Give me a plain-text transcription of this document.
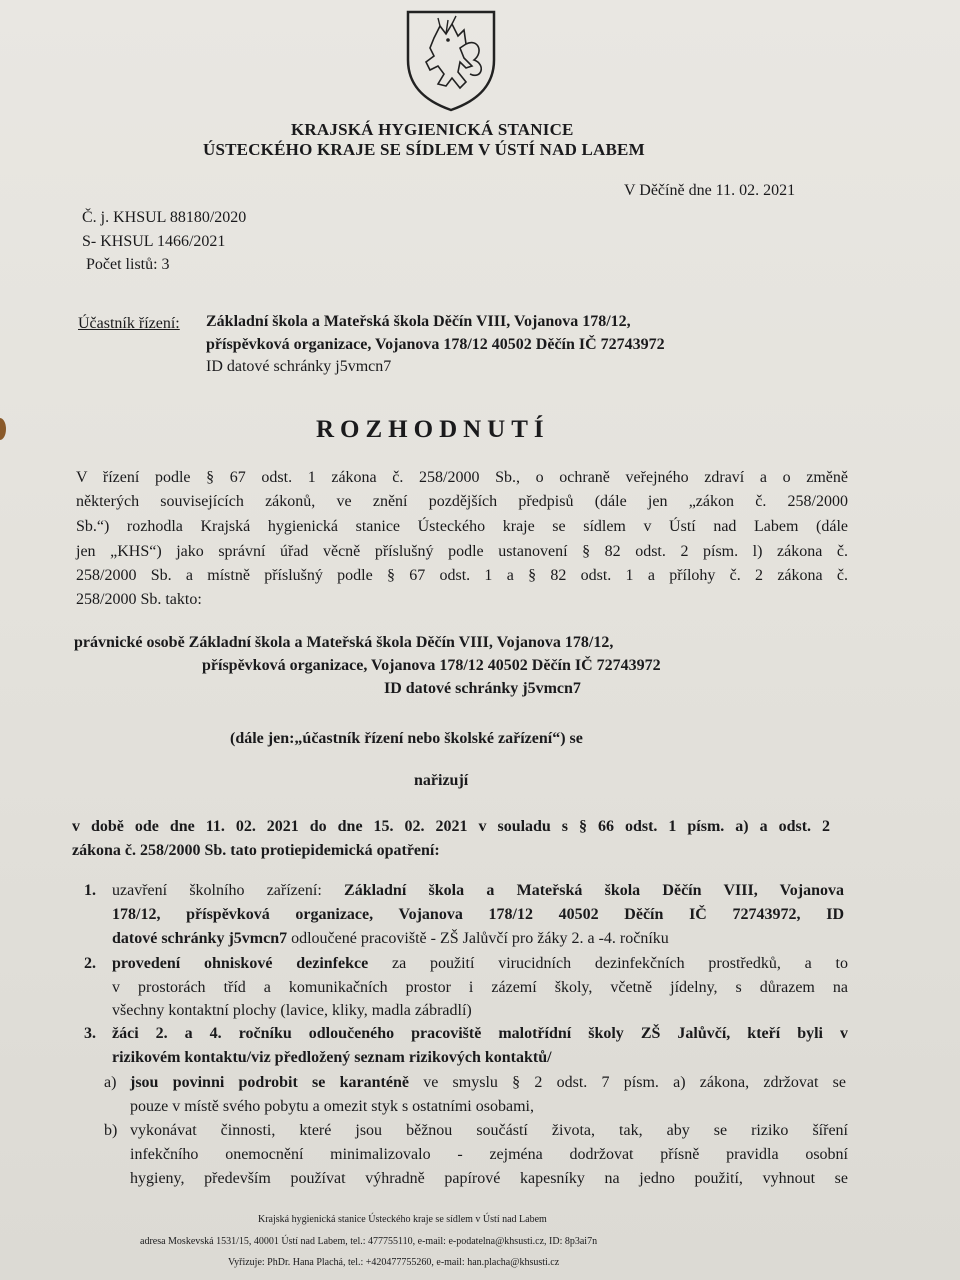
KRAJSKÁ HYGIENICKÁ STANICE
ÚSTECKÉHO KRAJE SE SÍDLEM V ÚSTÍ NAD LABEM
V Děčíně dne 11. 02. 2021
Č. j. KHSUL 88180/2020
S- KHSUL 1466/2021
Počet listů: 3
Účastník řízení: Základní škola a Mateřská škola Děčín VIII, Vojanova 178/12,
příspěvková organizace, Vojanova 178/12 40502 Děčín IČ 72743972
ID datové schránky j5vmcn7
ROZHODNUTÍ
V řízení podle § 67 odst. 1 zákona č. 258/2000 Sb., o ochraně veřejného zdraví a o změně
některých souvisejících zákonů, ve znění pozdějších předpisů (dále jen „zákon č. 258/2000
Sb.“) rozhodla Krajská hygienická stanice Ústeckého kraje se sídlem v Ústí nad Labem (dále
jen „KHS“) jako správní úřad věcně příslušný podle ustanovení § 82 odst. 2 písm. l) zákona č.
258/2000 Sb. a místně příslušný podle § 67 odst. 1 a § 82 odst. 1 a přílohy č. 2 zákona č.
258/2000 Sb. takto:
právnické osobě Základní škola a Mateřská škola Děčín VIII, Vojanova 178/12,
příspěvková organizace, Vojanova 178/12 40502 Děčín IČ 72743972
ID datové schránky j5vmcn7
(dále jen:„účastník řízení nebo školské zařízení“) se
nařizují
v době ode dne 11. 02. 2021 do dne 15. 02. 2021 v souladu s § 66 odst. 1 písm. a) a odst. 2
zákona č. 258/2000 Sb. tato protiepidemická opatření:
1. uzavření školního zařízení: Základní škola a Mateřská škola Děčín VIII, Vojanova
178/12, příspěvková organizace, Vojanova 178/12 40502 Děčín IČ 72743972, ID
datové schránky j5vmcn7 odloučené pracoviště - ZŠ Jalůvčí pro žáky 2. a -4. ročníku
2. provedení ohniskové dezinfekce za použití virucidních dezinfekčních prostředků, a to
v prostorách tříd a komunikačních prostor i zázemí školy, včetně jídelny, s důrazem na
všechny kontaktní plochy (lavice, kliky, madla zábradlí)
3. žáci 2. a 4. ročníku odloučeného pracoviště malotřídní školy ZŠ Jalůvčí, kteří byli v
rizikovém kontaktu/viz předložený seznam rizikových kontaktů/
a) jsou povinni podrobit se karanténě ve smyslu § 2 odst. 7 písm. a) zákona, zdržovat se
pouze v místě svého pobytu a omezit styk s ostatními osobami,
b) vykonávat činnosti, které jsou běžnou součástí života, tak, aby se riziko šíření
infekčního onemocnění minimalizovalo - zejména dodržovat přísně pravidla osobní
hygieny, především používat výhradně papírové kapesníky na jedno použití, vyhnout se
Krajská hygienická stanice Ústeckého kraje se sídlem v Ústí nad Labem
adresa Moskevská 1531/15, 40001 Ústí nad Labem, tel.: 477755110, e-mail: e-podatelna@khsusti.cz, ID: 8p3ai7n
Vyřizuje: PhDr. Hana Plachá, tel.: +420477755260, e-mail: han.placha@khsusti.cz
